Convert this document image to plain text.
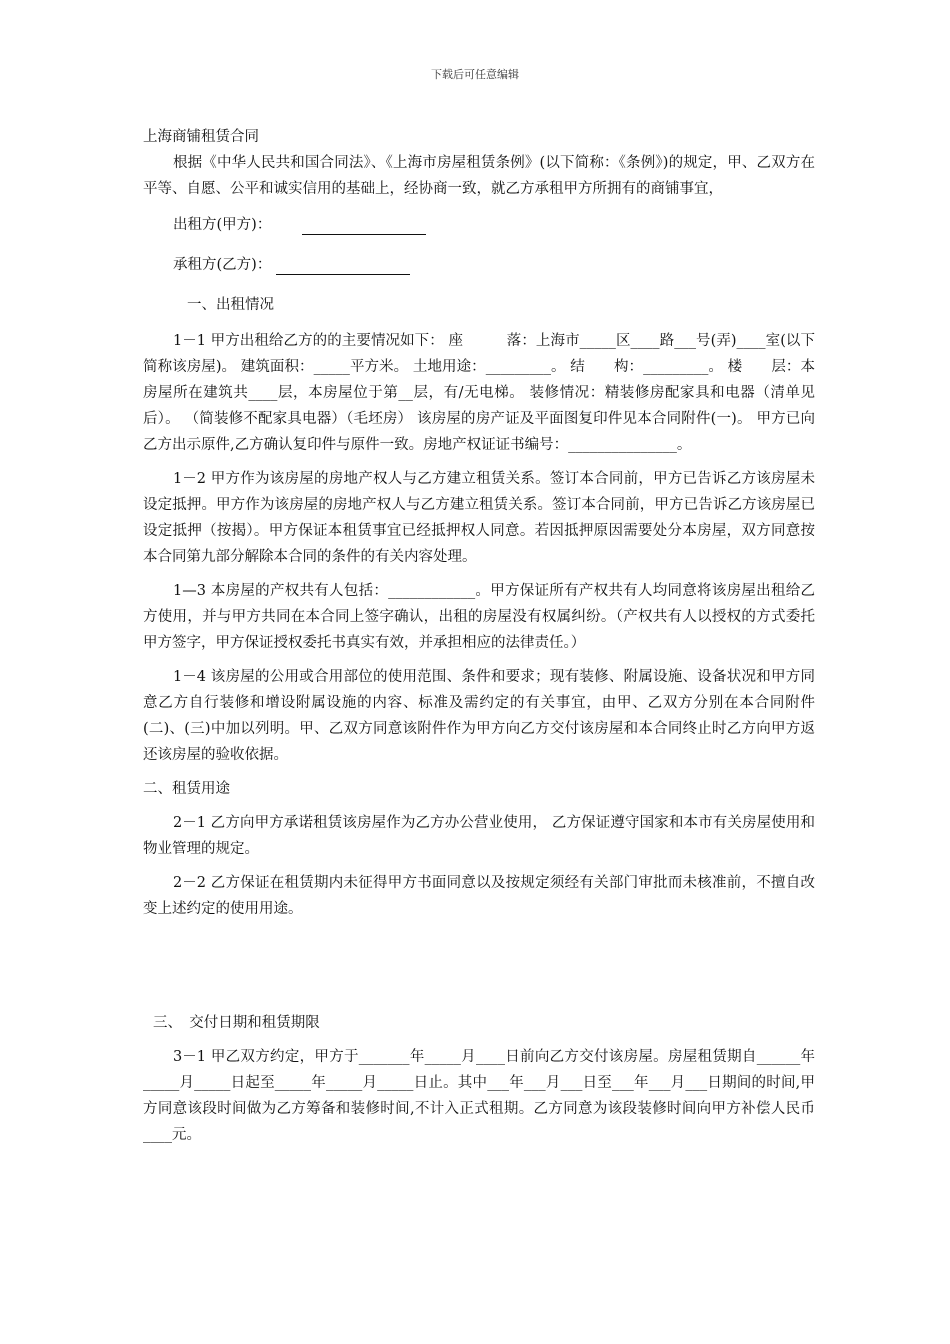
下载后可任意编辑
上海商铺租赁合同

根据《中华人民共和国合同法》、《上海市房屋租赁条例》(以下简称：《条例》)的规定，甲、乙双方在平等、自愿、公平和诚实信用的基础上，经协商一致，就乙方承租甲方所拥有的商铺事宜，

出租方(甲方)：
承租方(乙方)：
一、出租情况

1－1 甲方出租给乙方的的主要情况如下： 座　　　落：上海市_____区____路___号(弄)____室(以下简称该房屋)。 建筑面积：_____平方米。 土地用途：_________。 结　　构：_________。 楼　　层：本房屋所在建筑共____层，本房屋位于第__层，有/无电梯。 装修情况：精装修房配家具和电器（清单见后）。 （简装修不配家具电器）（毛坯房） 该房屋的房产证及平面图复印件见本合同附件(一)。 甲方已向乙方出示原件,乙方确认复印件与原件一致。房地产权证证书编号：_______________。

1－2 甲方作为该房屋的房地产权人与乙方建立租赁关系。签订本合同前，甲方已告诉乙方该房屋未设定抵押。甲方作为该房屋的房地产权人与乙方建立租赁关系。签订本合同前，甲方已告诉乙方该房屋已设定抵押（按揭）。甲方保证本租赁事宜已经抵押权人同意。若因抵押原因需要处分本房屋，双方同意按本合同第九部分解除本合同的条件的有关内容处理。

1—3 本房屋的产权共有人包括：____________。甲方保证所有产权共有人均同意将该房屋出租给乙方使用，并与甲方共同在本合同上签字确认，出租的房屋没有权属纠纷。（产权共有人以授权的方式委托甲方签字，甲方保证授权委托书真实有效，并承担相应的法律责任。）

1－4 该房屋的公用或合用部位的使用范围、条件和要求；现有装修、附属设施、设备状况和甲方同意乙方自行装修和增设附属设施的内容、标准及需约定的有关事宜，由甲、乙双方分别在本合同附件(二)、(三)中加以列明。甲、乙双方同意该附件作为甲方向乙方交付该房屋和本合同终止时乙方向甲方返还该房屋的验收依据。

二、租赁用途

2－1 乙方向甲方承诺租赁该房屋作为乙方办公营业使用， 乙方保证遵守国家和本市有关房屋使用和物业管理的规定。

2－2 乙方保证在租赁期内未征得甲方书面同意以及按规定须经有关部门审批而未核准前，不擅自改变上述约定的使用用途。

三、　交付日期和租赁期限

3－1 甲乙双方约定，甲方于_______年_____月____日前向乙方交付该房屋。房屋租赁期自______年_____月_____日起至_____年_____月_____日止。其中___年___月___日至___年___月___日期间的时间,甲方同意该段时间做为乙方筹备和装修时间,不计入正式租期。乙方同意为该段装修时间向甲方补偿人民币____元。
